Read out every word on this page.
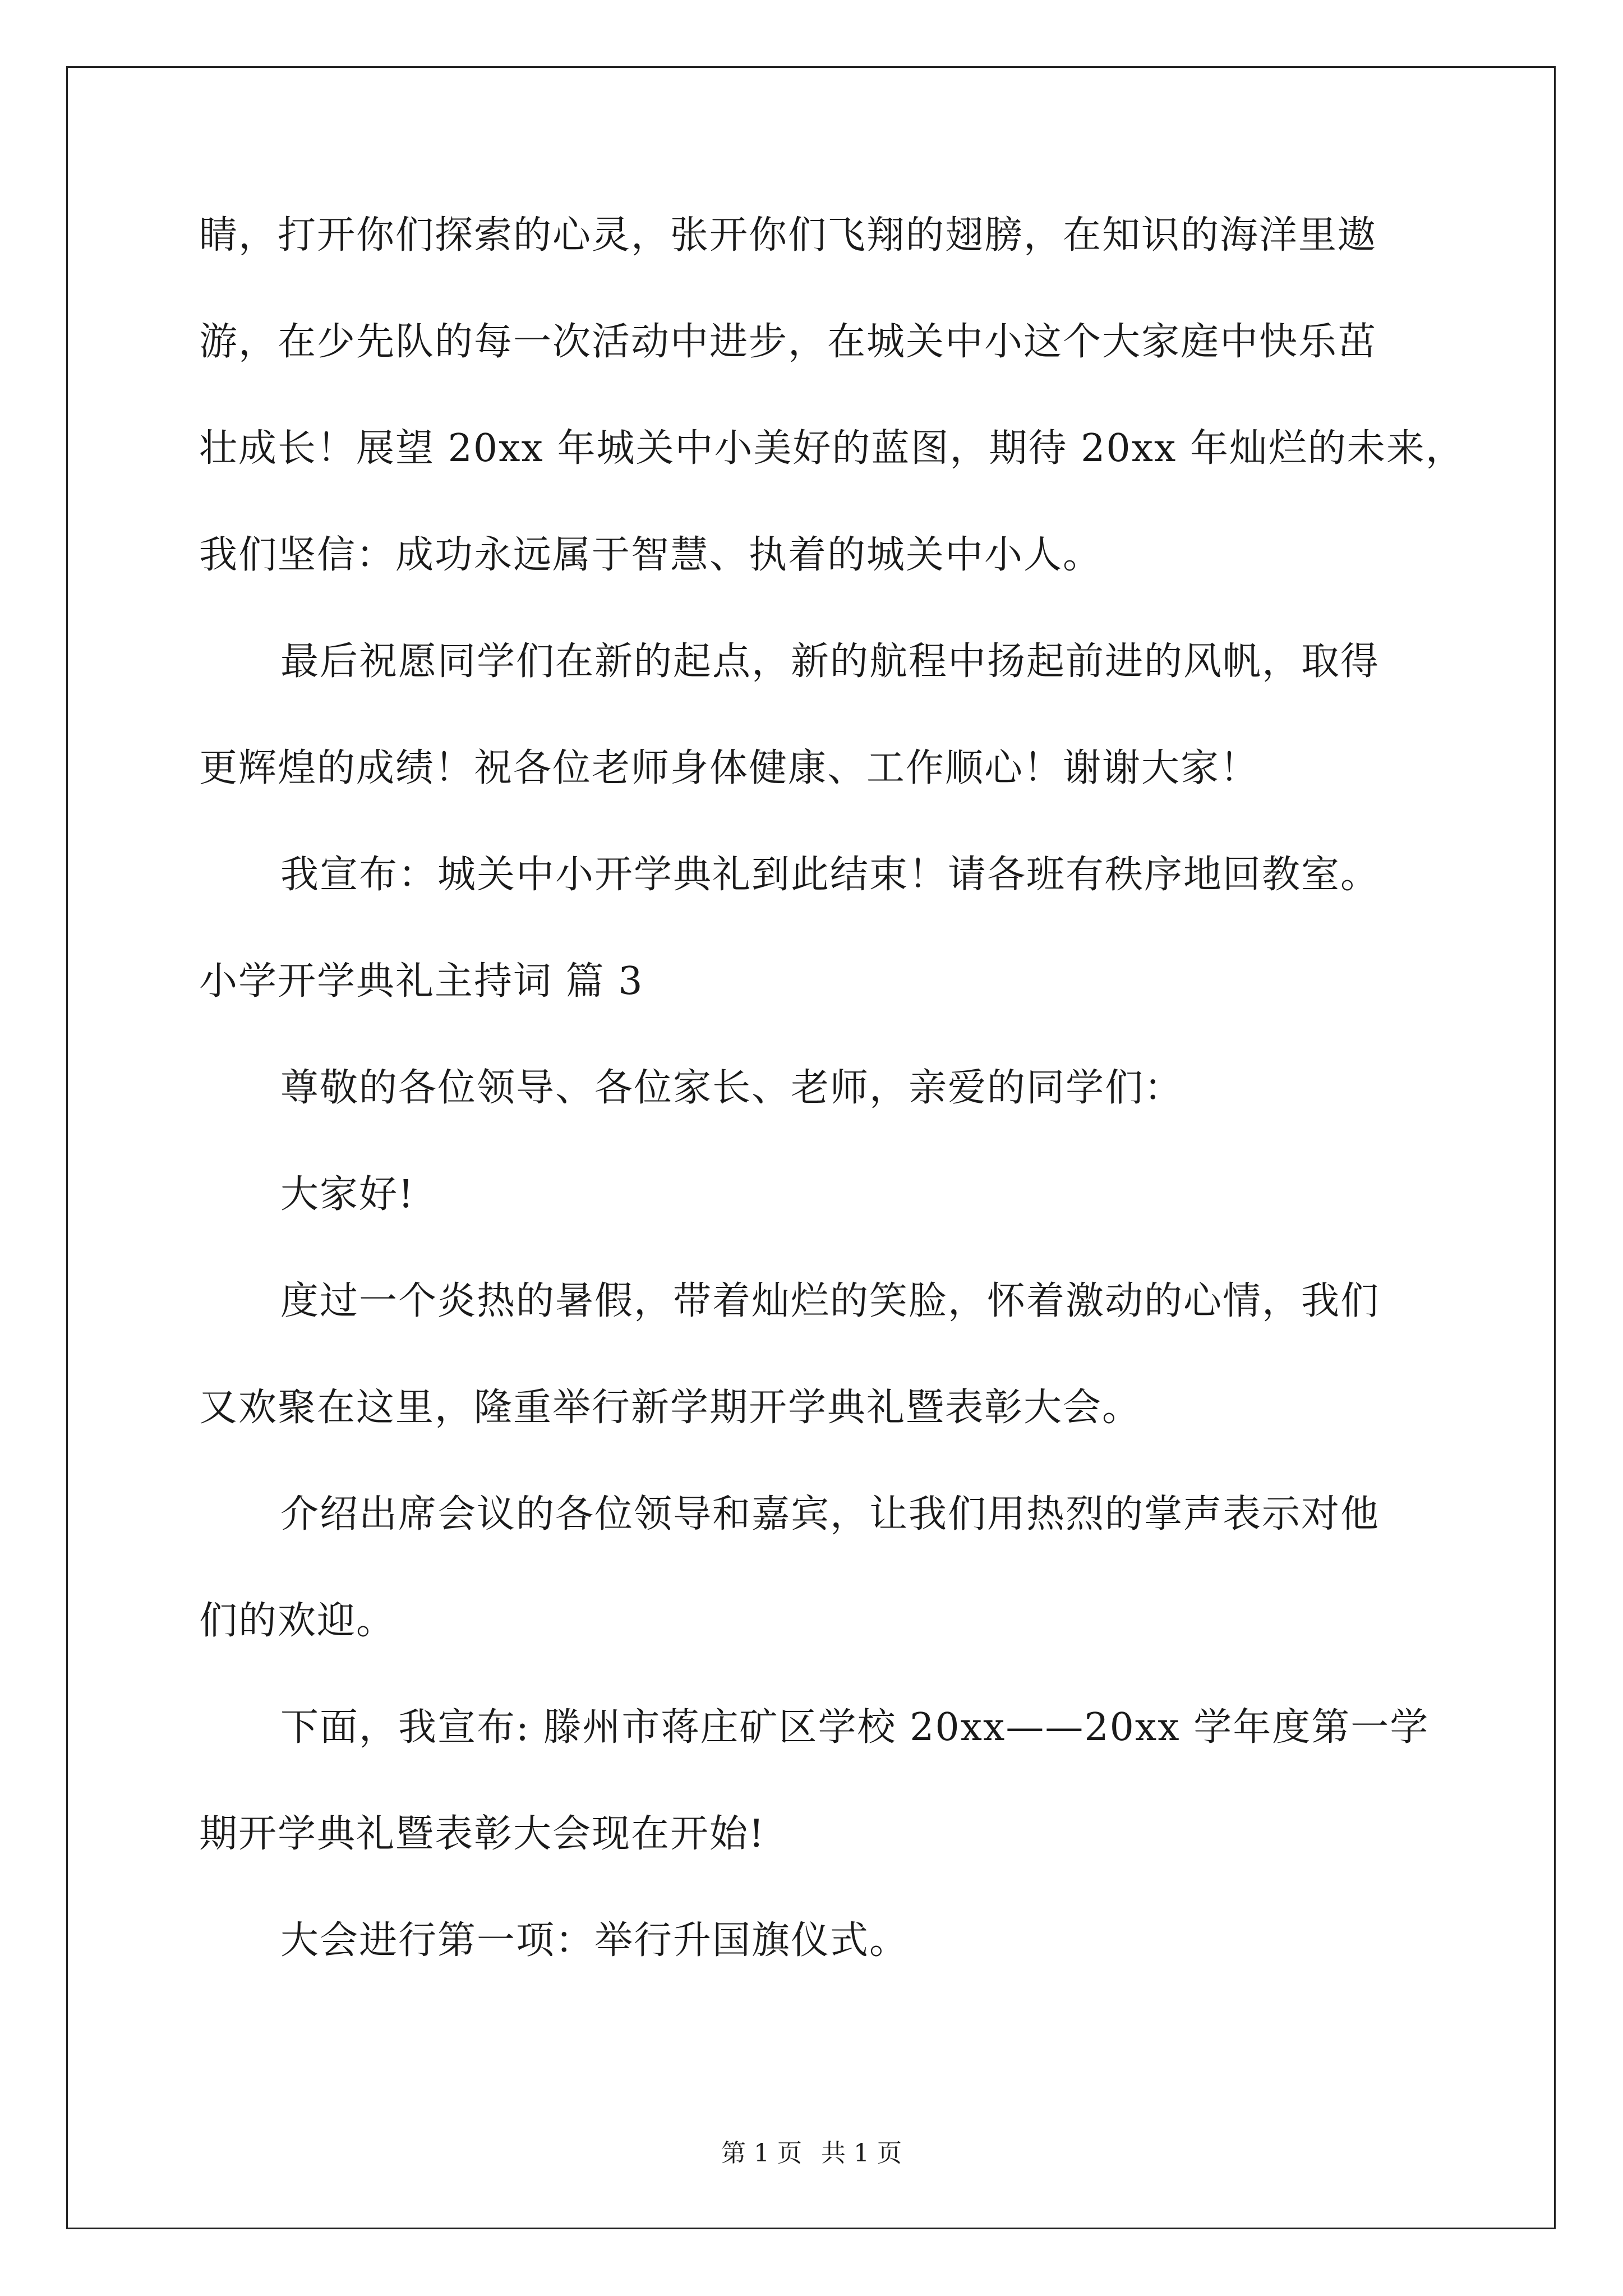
睛，打开你们探索的心灵，张开你们飞翔的翅膀，在知识的海洋里遨
游，在少先队的每一次活动中进步，在城关中小这个大家庭中快乐茁
壮成长！展望 20xx 年城关中小美好的蓝图，期待 20xx 年灿烂的未来，
我们坚信：成功永远属于智慧、执着的城关中小人。
最后祝愿同学们在新的起点，新的航程中扬起前进的风帆，取得
更辉煌的成绩！祝各位老师身体健康、工作顺心！谢谢大家！
我宣布：城关中小开学典礼到此结束！请各班有秩序地回教室。
小学开学典礼主持词 篇 3
尊敬的各位领导、各位家长、老师，亲爱的同学们：
大家好!
度过一个炎热的暑假，带着灿烂的笑脸，怀着激动的心情，我们
又欢聚在这里，隆重举行新学期开学典礼暨表彰大会。
介绍出席会议的各位领导和嘉宾，让我们用热烈的掌声表示对他
们的欢迎。
下面，我宣布: 滕州市蒋庄矿区学校 20xx——20xx 学年度第一学
期开学典礼暨表彰大会现在开始!
大会进行第一项：举行升国旗仪式。
第 1 页 共 1 页
